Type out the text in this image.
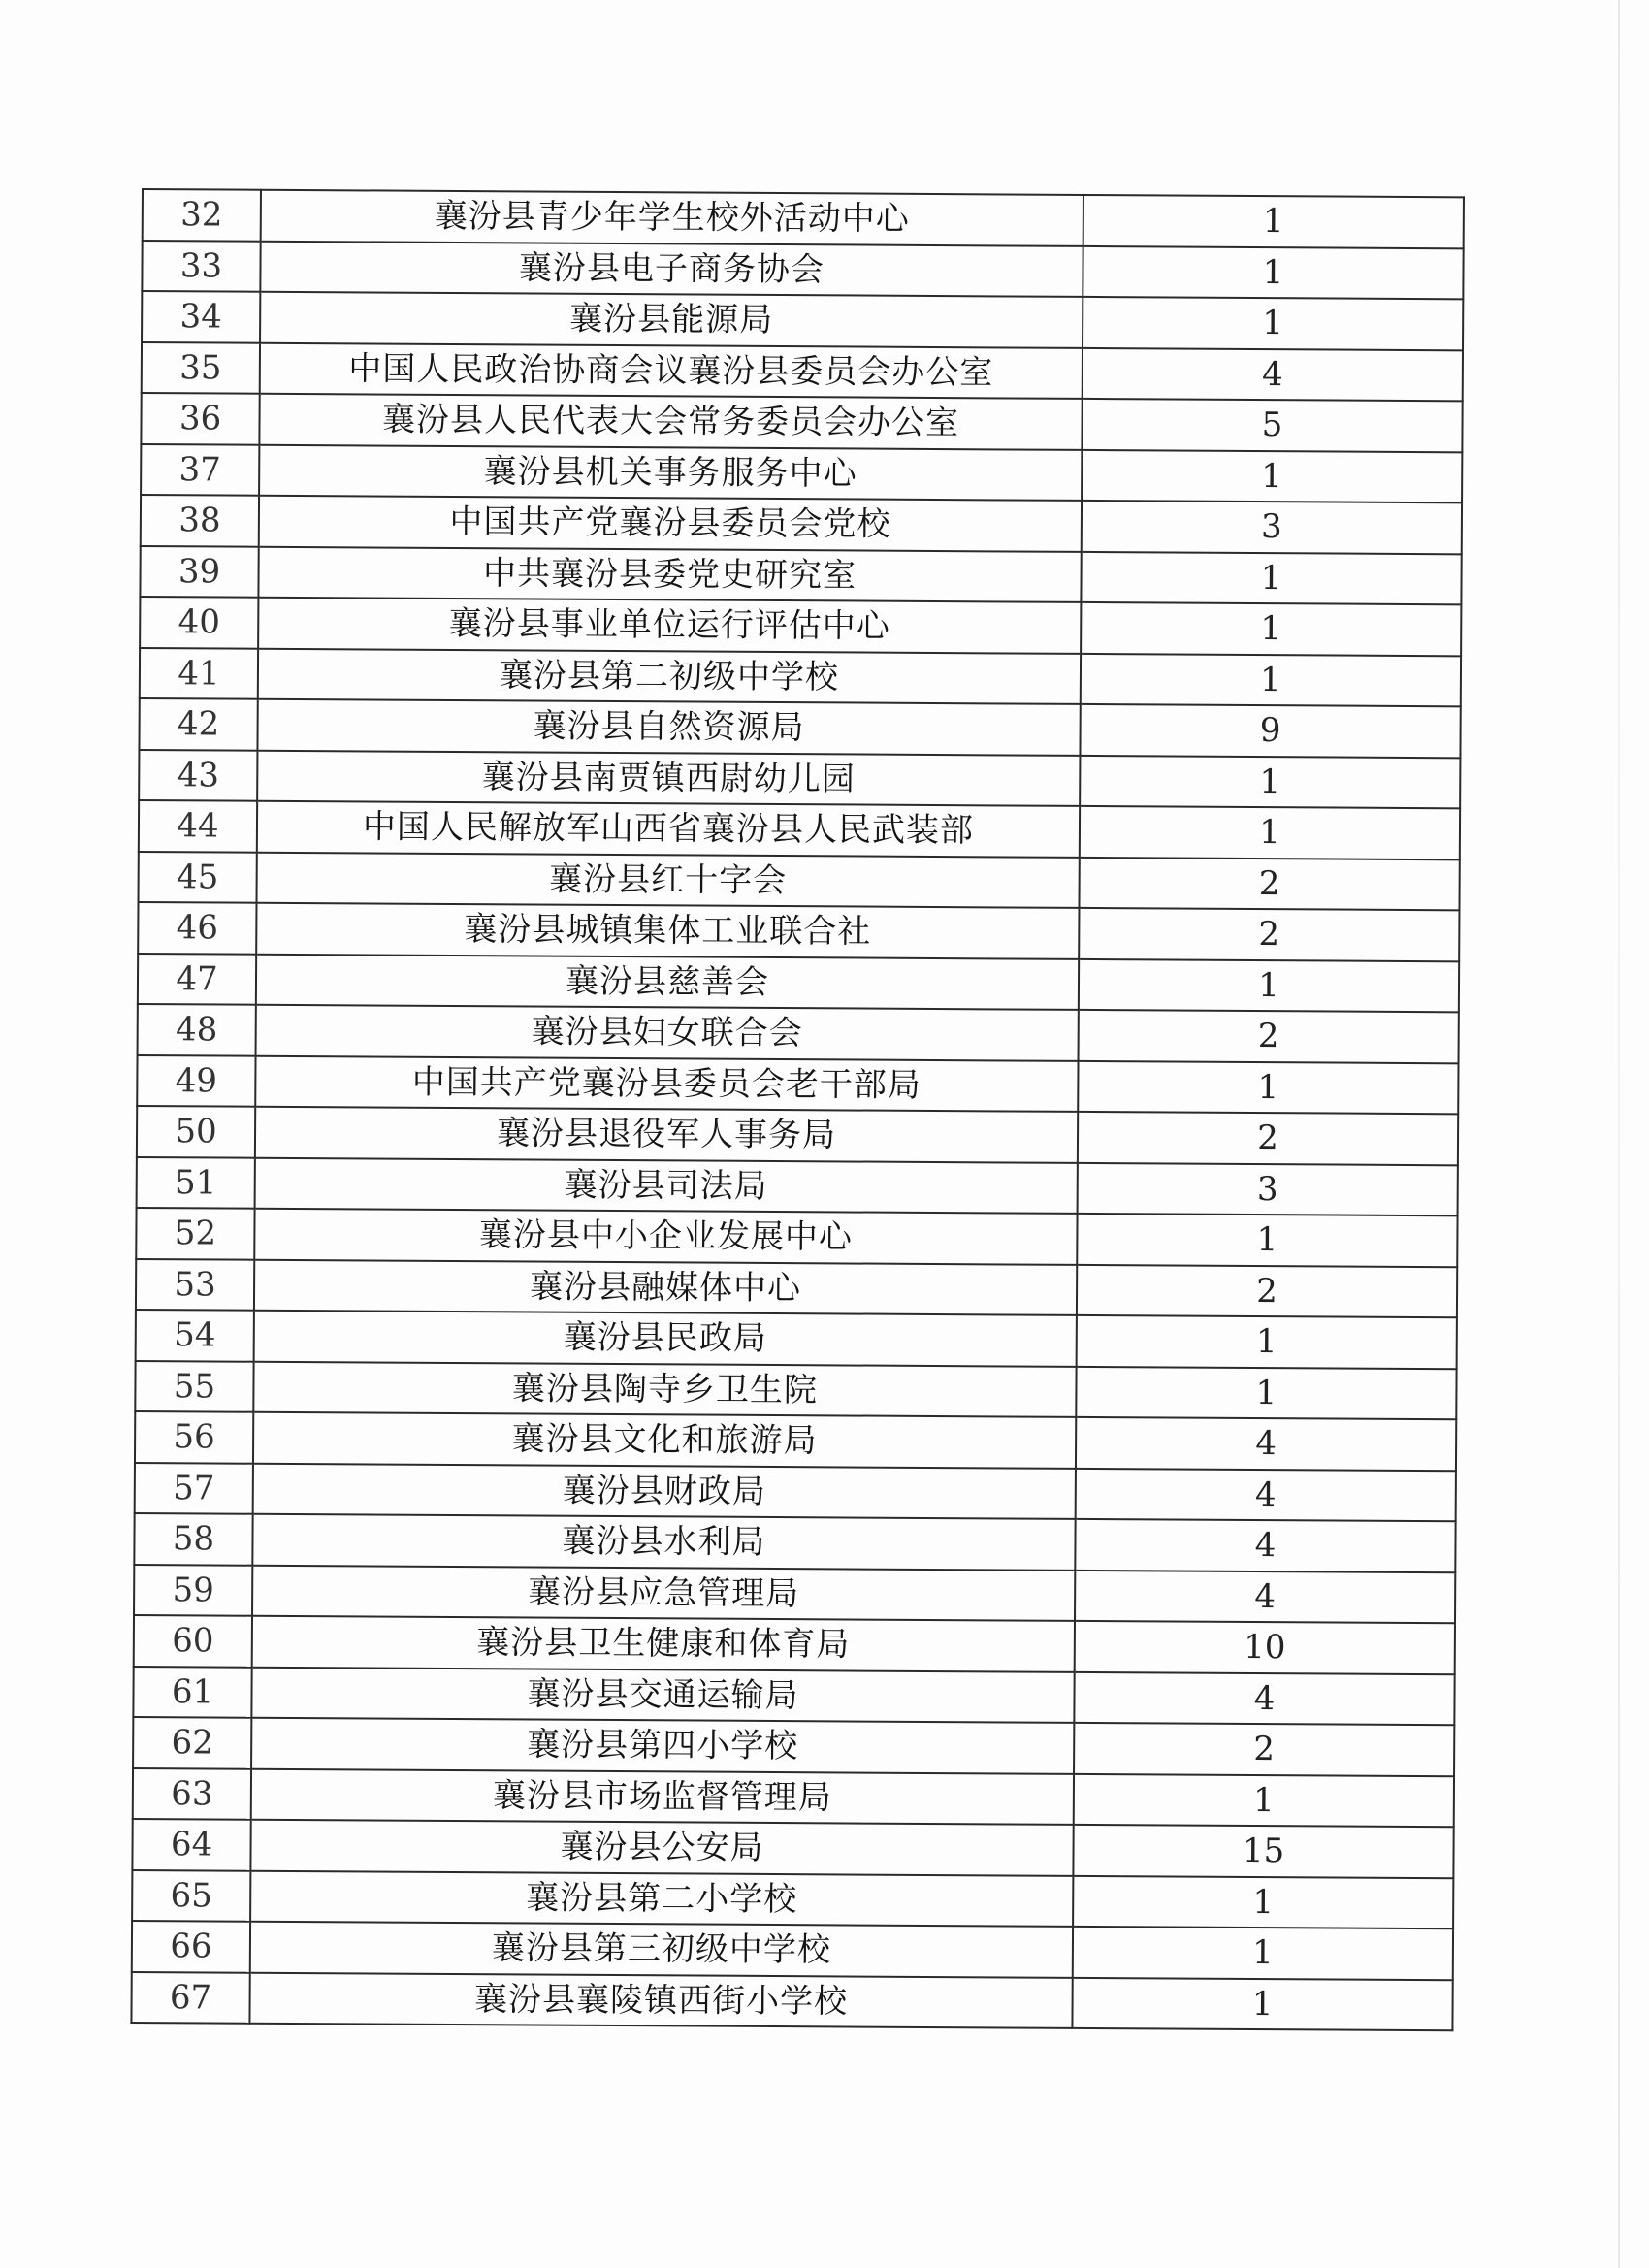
32	襄汾县青少年学生校外活动中心	1
33	襄汾县电子商务协会	1
34	襄汾县能源局	1
35	中国人民政治协商会议襄汾县委员会办公室	4
36	襄汾县人民代表大会常务委员会办公室	5
37	襄汾县机关事务服务中心	1
38	中国共产党襄汾县委员会党校	3
39	中共襄汾县委党史研究室	1
40	襄汾县事业单位运行评估中心	1
41	襄汾县第二初级中学校	1
42	襄汾县自然资源局	9
43	襄汾县南贾镇西尉幼儿园	1
44	中国人民解放军山西省襄汾县人民武装部	1
45	襄汾县红十字会	2
46	襄汾县城镇集体工业联合社	2
47	襄汾县慈善会	1
48	襄汾县妇女联合会	2
49	中国共产党襄汾县委员会老干部局	1
50	襄汾县退役军人事务局	2
51	襄汾县司法局	3
52	襄汾县中小企业发展中心	1
53	襄汾县融媒体中心	2
54	襄汾县民政局	1
55	襄汾县陶寺乡卫生院	1
56	襄汾县文化和旅游局	4
57	襄汾县财政局	4
58	襄汾县水利局	4
59	襄汾县应急管理局	4
60	襄汾县卫生健康和体育局	10
61	襄汾县交通运输局	4
62	襄汾县第四小学校	2
63	襄汾县市场监督管理局	1
64	襄汾县公安局	15
65	襄汾县第二小学校	1
66	襄汾县第三初级中学校	1
67	襄汾县襄陵镇西街小学校	1
